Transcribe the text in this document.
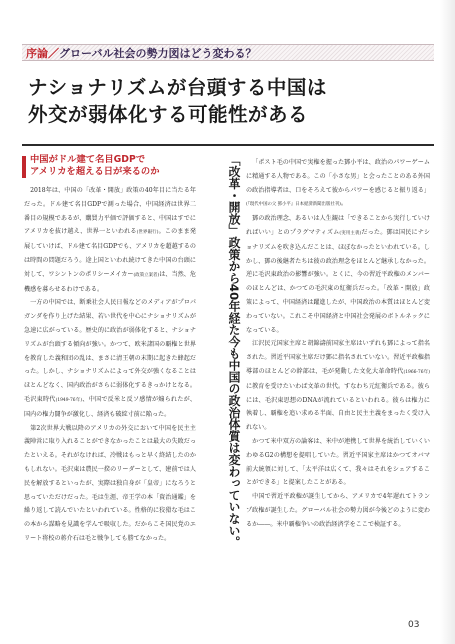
序論／グローバル社会の勢力図はどう変わる？
ナショナリズムが台頭する中国は
外交が弱体化する可能性がある
中国がドル建て名目GDPで
アメリカを超える日が来るのか

2018年は、中国の「改革・開放」政策の40年目に当たる年だった。ドル建て名目GDPで測った場合、中国経済は世界二番目の規模であるが、購買力平価で評価すると、中国はすでにアメリカを抜け越え、世界一といわれる(世界銀行)。このまま発展していけば、ドル建て名目GDPでも、アメリカを超越するのは時間の問題だろう。途上国といわれ続けてきた中国の台頭に対して、ワシントンのポリシーメイカー(政策立案者)は、当然、危機感を募らせるわけである。

一方の中国では、断乗社会人民日報などのメディアがプロパガンダを作り上げた結果、若い世代を中心にナショナリズムが急速に広がっている。歴史的に政治が弱体化すると、ナショナリズムが台頭する傾向が強い。かつて、欧米諸国の覇権と世界を教育した義和団の乱は、まさに清王朝の末期に起きた蜂起だった。しかし、ナショナリズムによって外交が強くなることはほとんどなく、国内政治がさらに弱体化するきっかけとなる。毛沢東時代(1949-76年)、中国で反米と反ソ感情が煽られたが、国内の権力闘争が激化し、経済も破綻寸前に陥った。

第2次世界大戦以降のアメリカの外交において中国を民主主義陣営に取り入れることができなかったことは最大の失敗だったといえる。それがなければ、冷戦はもっと早く終結したのかもしれない。毛沢東は農民一揆のリーダーとして、建前では人民を解放するといったが、実際は独自身が「皇帝」になろうと思っていただけだった。毛は生涯、帝王学の本「資治通鑑」を繰り返して読んでいたといわれている。性格的に狡猾な毛はこの本から謀略を見識を学んで吸収した。だからこそ国民党のエリート将校の蒋介石は毛と戦争しても勝てなかった。	「改革・開放」政策から40年経た今も中国の政治体質は変わっていない。	「ポスト毛の中国で実権を握った鄧小平は、政治のパワーゲームに精通する人物である。この「小さな男」と会ったことのある外国の政治指導者は、口をそろえて彼からパワーを感じると振り返る」(『現代中国の父 鄧小平』日本経済新聞出版社刊)。

鄧の政治理念、あるいは人生観は「できることから実行していければいい」とのプラグマティズム(実用主義)だった。鄧は国民にナショナリズムを吹き込んだことは、ほぼなかったといわれている。しかし、鄧の後継者たちは彼の政治理念をほとんど継承しなかった。逆に毛沢東政治の影響が強い。とくに、今の習近平政権のメンバーのほとんどは、かつての毛沢東の紅衛兵だった。「改革・開放」政策によって、中国経済は躍進したが、中国政治の本質はほとんど変わっていない。これこそ中国経済と中国社会発展のボトルネックになっている。

江沢民元国家主席と胡錦濤前国家主席はいずれも鄧によって指名された。習近平国家主席だけ鄧に指名されていない。習近平政権指導部のほとんどの幹部は、毛が発動した文化大革命時代(1966-76年)に教育を受けたいわば文革の世代。すなわち元紅衛兵である。彼らには、毛沢東思想のDNAが流れているといわれる。彼らは権力に執着し、覇権を追い求める半面、自由と民主主義をまったく受け入れない。

かつて米中双方の論客は、米中が連携して世界を統治していくいわゆるG2の構想を提唱していた。習近平国家主席はかつてオバマ前大統領に対して、「太平洋は広くて、我々はそれをシェアすることができる」と提案したことがある。

中国で習近平政権が誕生してから、アメリカで4年遅れてトランプ政権が誕生した。グローバル社会の勢力図が今後どのように変わるか――。米中覇権争いの政治経済学をここで検証する。

03
